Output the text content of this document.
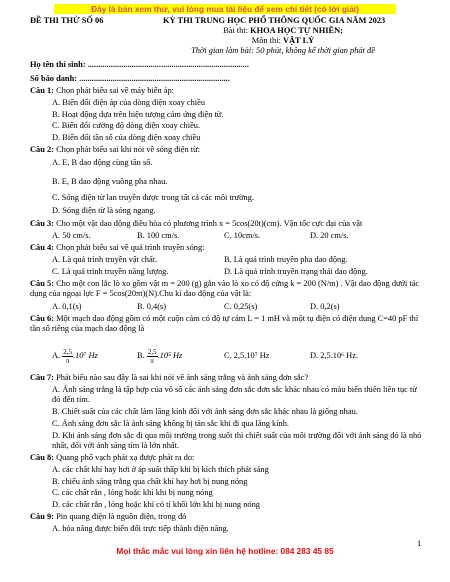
Đây là bản xem thử, vui lòng mua tài liệu để xem chi tiết (có lời giải)
ĐỀ THI THỬ SỐ 06	KỲ THI TRUNG HỌC PHỔ THÔNG QUỐC GIA NĂM 2023
Bài thi: KHOA HỌC TỰ NHIÊN;
Môn thi: VẬT LÝ
Thời gian làm bài: 50 phút, không kể thời gian phát đề
Họ tên thí sinh: .............................................................................
Số báo danh: ........................................................................
Câu 1: Chọn phát biểu sai về máy biến áp:
A. Biến đổi điện áp của dòng điện xoay chiều
B. Hoạt động dựa trên hiện tượng cảm ứng điện từ.
C. Biến đổi cường độ dòng điện xoay chiều.
D. Biến đổi tần số của dòng điện xoay chiều
Câu 2: Chọn phát biểu sai khi nói về sóng điện từ:
A. E, B dao động cùng tần số.
B. E, B dao động vuông pha nhau.
C. Sóng điện từ lan truyền được trong tất cả các môi trường.
D. Sóng điện từ là sóng ngang.
Câu 3: Cho một vật dao động điều hòa có phương trình x = 5cos(20t)(cm). Vận tốc cực đại của vật
A. 50 cm/s.	B. 100 cm/s.	C. 10cm/s.	D. 20 cm/s.
Câu 4: Chọn phát biểu sai về quá trình truyền sóng:
A. Là quá trình truyền vật chất.	B. Là quá trình truyền pha dao động.
C. Là quá trình truyền năng lượng.	D. Là quá trình truyền trạng thái dao động.
Câu 5: Cho một con lắc lò xo gồm vật m = 200 (g) gắn vào lò xo có độ cứng k = 200 (N/m) . Vật dao động dưới tác dụng của ngoại lực F = 5cos(20πt)(N).Chu kì dao động của vật là:
A. 0,1(s)	B. 0,4(s)	C. 0,25(s)	D. 0,2(s)
Câu 6: Một mạch dao động gồm có một cuộn cảm có độ tự cảm L = 1 mH và một tụ điện có điện dung C=40 pF thì tần số riêng của mạch dao động là
A. $\frac{2,5}{\pi} .10^7$ Hz	B. $\frac{2,5}{\pi} .10^5$ Hz	C. 2,5.10⁷ Hz	D. 2,5.10⁶ Hz.
Câu 7: Phát biểu nào sau đây là sai khi nói về ánh sáng trắng và ánh sáng đơn sắc?
A. Ánh sáng trắng là tập hợp của vô số các ánh sáng đơn sắc đơn sắc khác nhau có màu biến thiên liên tục từ đỏ đến tím.
B. Chiết suất của các chất làm lăng kính đối với ánh sáng đơn sắc khác nhau là giống nhau.
C. Ánh sáng đơn sắc là ánh sáng không bị tán sắc khi đi qua lăng kính.
D. Khi ánh sáng đơn sắc đi qua môi trường trong suốt thì chiết suất của môi trường đối với ánh sáng đỏ là nhỏ nhất, đối với ánh sáng tím là lớn nhất.
Câu 8: Quang phổ vạch phát xạ được phát ra do:
A. các chất khí hay hơi ở áp suất thấp khi bị kích thích phát sáng
B. chiếu ánh sáng trắng qua chất khí hay hơi bị nung nóng
C. các chất rắn , lỏng hoặc khí khi bị nung nóng
D. các chất rắn , lỏng hoặc khí có tỉ khối lớn khi bị nung nóng
Câu 9: Pin quang điện là nguồn điện, trong đó
A. hóa năng được biến đổi trực tiếp thành điện năng.
1
Mọi thắc mắc vui lòng xin liên hệ hotline: 084 283 45 85
